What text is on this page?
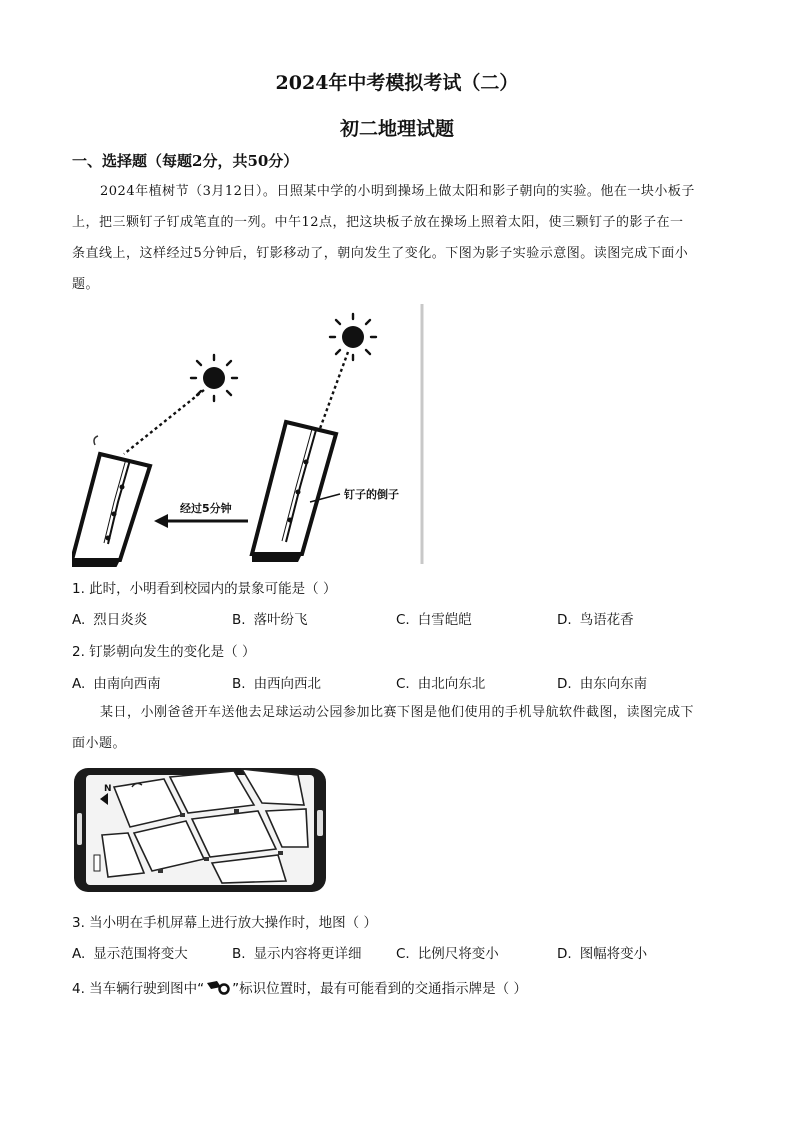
2024年中考模拟考试（二）
初二地理试题
一、选择题（每题2分，共50分）
2024年植树节（3月12日）。日照某中学的小明到操场上做太阳和影子朝向的实验。他在一块小板子
上，把三颗钉子钉成笔直的一列。中午12点，把这块板子放在操场上照着太阳，使三颗钉子的影子在一
条直线上，这样经过5分钟后，钉影移动了，朝向发生了变化。下图为影子实验示意图。读图完成下面小
题。
经过5分钟
钉子的倒子
1. 此时，小明看到校园内的景象可能是（ ）
A. 烈日炎炎	B. 落叶纷飞	C. 白雪皑皑	D. 鸟语花香
2. 钉影朝向发生的变化是（ ）
A. 由南向西南	B. 由西向西北	C. 由北向东北	D. 由东向东南
某日，小刚爸爸开车送他去足球运动公园参加比赛下图是他们使用的手机导航软件截图，读图完成下
面小题。
N
3. 当小明在手机屏幕上进行放大操作时，地图（ ）
A. 显示范围将变大	B. 显示内容将更详细	C. 比例尺将变小	D. 图幅将变小
4. 当车辆行驶到图中“ ”标识位置时，最有可能看到的交通指示牌是（ ）
